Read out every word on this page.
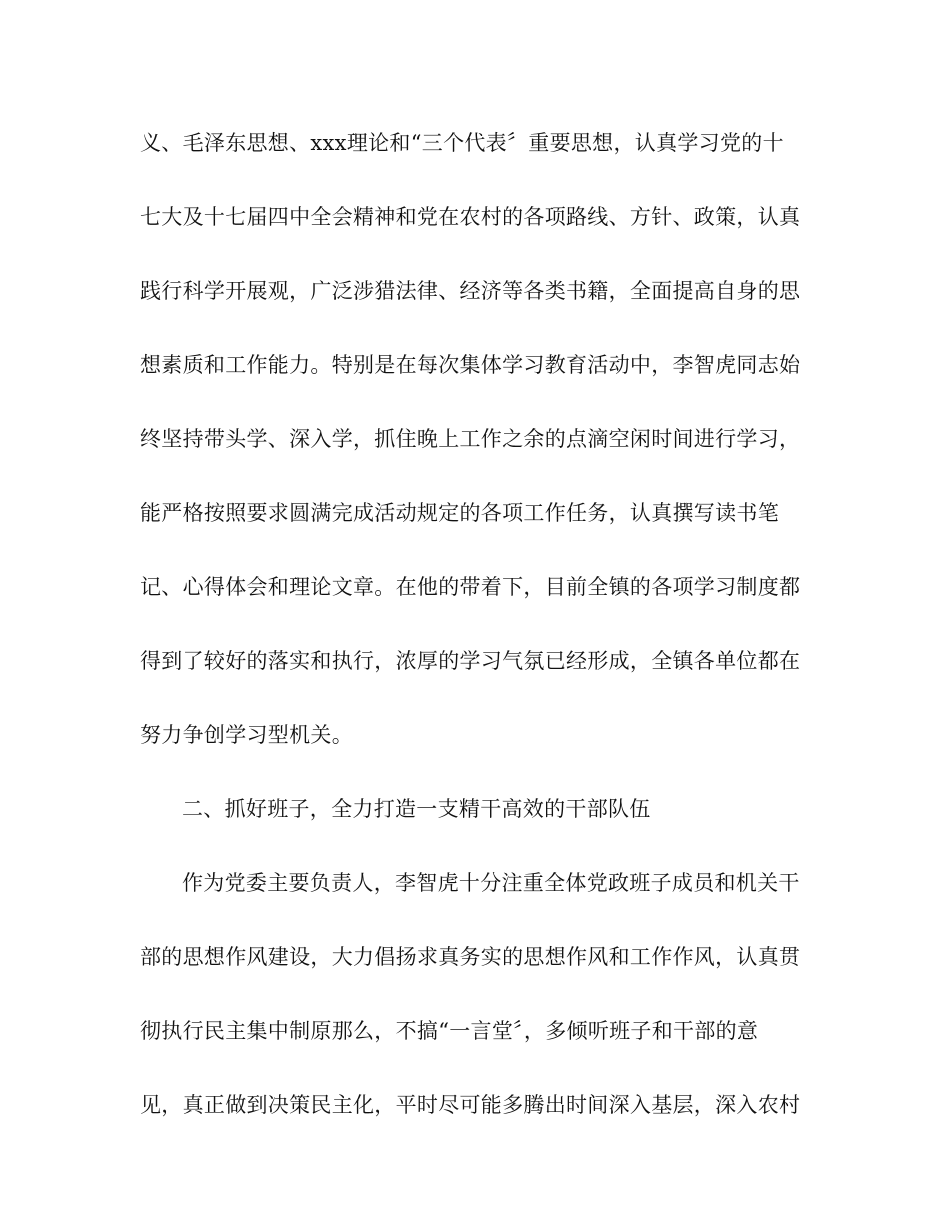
义、毛泽东思想、xxx理论和“三个代表〞重要思想，认真学习党的十

七大及十七届四中全会精神和党在农村的各项路线、方针、政策，认真

践行科学开展观，广泛涉猎法律、经济等各类书籍，全面提高自身的思

想素质和工作能力。特别是在每次集体学习教育活动中，李智虎同志始

终坚持带头学、深入学，抓住晚上工作之余的点滴空闲时间进行学习，

能严格按照要求圆满完成活动规定的各项工作任务，认真撰写读书笔

记、心得体会和理论文章。在他的带着下，目前全镇的各项学习制度都

得到了较好的落实和执行，浓厚的学习气氛已经形成，全镇各单位都在

努力争创学习型机关。

二、抓好班子，全力打造一支精干高效的干部队伍

作为党委主要负责人，李智虎十分注重全体党政班子成员和机关干

部的思想作风建设，大力倡扬求真务实的思想作风和工作作风，认真贯

彻执行民主集中制原那么，不搞“一言堂〞，多倾听班子和干部的意

见，真正做到决策民主化，平时尽可能多腾出时间深入基层，深入农村
